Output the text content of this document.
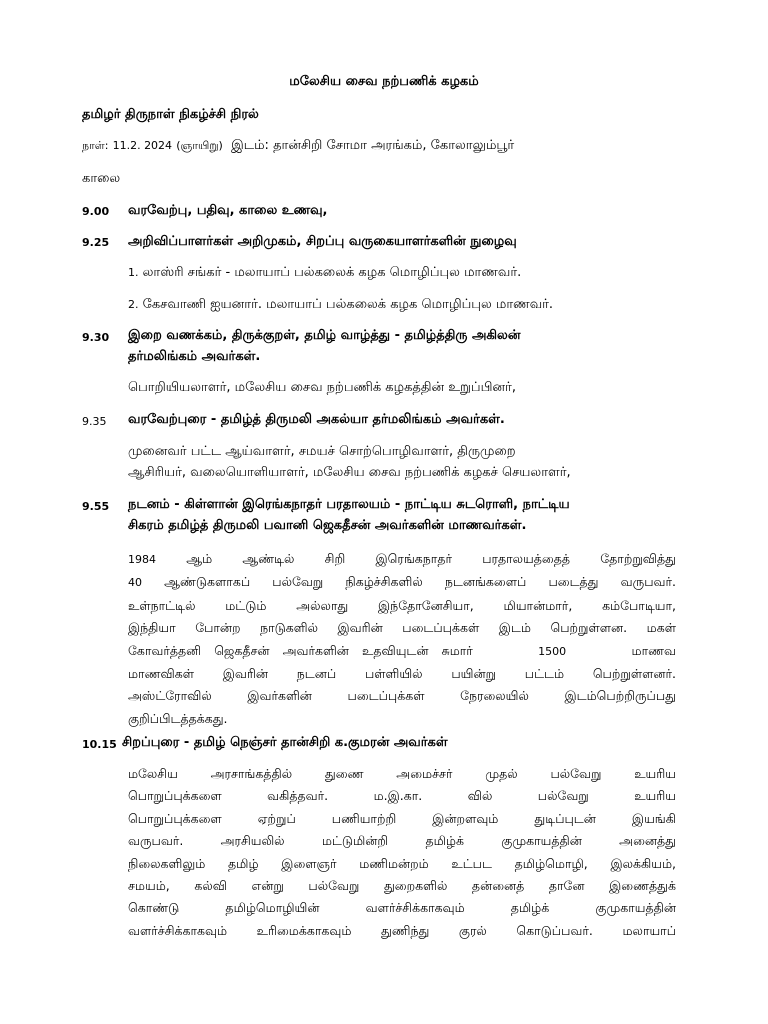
மலேசிய சைவ நற்பணிக் கழகம்
தமிழர் திருநாள் நிகழ்ச்சி நிரல்
நாள்: 11.2. 2024 (ஞாயிறு) இடம்: தான்சிறி சோமா அரங்கம், கோலாலும்பூர்
காலை
9.00 வரவேற்பு, பதிவு, காலை உணவு,
9.25 அறிவிப்பாளர்கள் அறிமுகம், சிறப்பு வருகையாளர்களின் நுழைவு
1. லாஸ்ரி சங்கர் - மலாயாப் பல்கலைக் கழக மொழிப்புல மாணவர்.
2. கேசவாணி ஐயனார். மலாயாப் பல்கலைக் கழக மொழிப்புல மாணவர்.
9.30 இறை வணக்கம், திருக்குறள், தமிழ் வாழ்த்து - தமிழ்த்திரு அகிலன்
தர்மலிங்கம் அவர்கள்.
பொறியியலாளர், மலேசிய சைவ நற்பணிக் கழகத்தின் உறுப்பினர்,
9.35 வரவேற்புரை - தமிழ்த் திருமலி அகல்யா தர்மலிங்கம் அவர்கள்.
முனைவர் பட்ட ஆய்வாளர், சமயச் சொற்பொழிவாளர், திருமுறை
ஆசிரியர், வலையொளியாளர், மலேசிய சைவ நற்பணிக் கழகச் செயலாளர்,
9.55 நடனம் - கிள்ளான் இரெங்கநாதர் பரதாலயம் - நாட்டிய சுடரொளி, நாட்டிய
சிகரம் தமிழ்த் திருமலி பவானி ஜெகதீசன் அவர்களின் மாணவர்கள்.
1984 ஆம் ஆண்டில் சிறி இரெங்கநாதர் பரதாலயத்தைத் தோற்றுவித்து
40 ஆண்டுகளாகப் பல்வேறு நிகழ்ச்சிகளில் நடனங்களைப் படைத்து வருபவர்.
உள்நாட்டில் மட்டும் அல்லாது இந்தோனேசியா, மியான்மார், கம்போடியா,
இந்தியா போன்ற நாடுகளில் இவரின் படைப்புக்கள் இடம் பெற்றுள்ளன. மகள்
கோவர்த்தனி ஜெகதீசன் அவர்களின் உதவியுடன் சுமார்	1500	மாணவ
மாணவிகள் இவரின் நடனப் பள்ளியில் பயின்று பட்டம் பெற்றுள்ளனர்.
அஸ்ட்ரோவில் இவர்களின் படைப்புக்கள் நேரலையில் இடம்பெற்றிருப்பது
குறிப்பிடத்தக்கது.
10.15 சிறப்புரை - தமிழ் நெஞ்சர் தான்சிறி க.குமரன் அவர்கள்
மலேசிய அரசாங்கத்தில் துணை அமைச்சர் முதல் பல்வேறு உயரிய
பொறுப்புக்களை வகித்தவர். ம.இ.கா. வில் பல்வேறு உயரிய
பொறுப்புக்களை ஏற்றுப் பணியாற்றி இன்றளவும் துடிப்புடன் இயங்கி
வருபவர். அரசியலில் மட்டுமின்றி தமிழ்க் குமுகாயத்தின் அனைத்து
நிலைகளிலும் தமிழ் இளைஞர் மணிமன்றம் உட்பட தமிழ்மொழி, இலக்கியம்,
சமயம், கல்வி என்று பல்வேறு துறைகளில் தன்னைத் தானே இணைத்துக்
கொண்டு தமிழ்மொழியின் வளர்ச்சிக்காகவும் தமிழ்க் குமுகாயத்தின்
வளர்ச்சிக்காகவும் உரிமைக்காகவும் துணிந்து குரல் கொடுப்பவர். மலாயாப்
